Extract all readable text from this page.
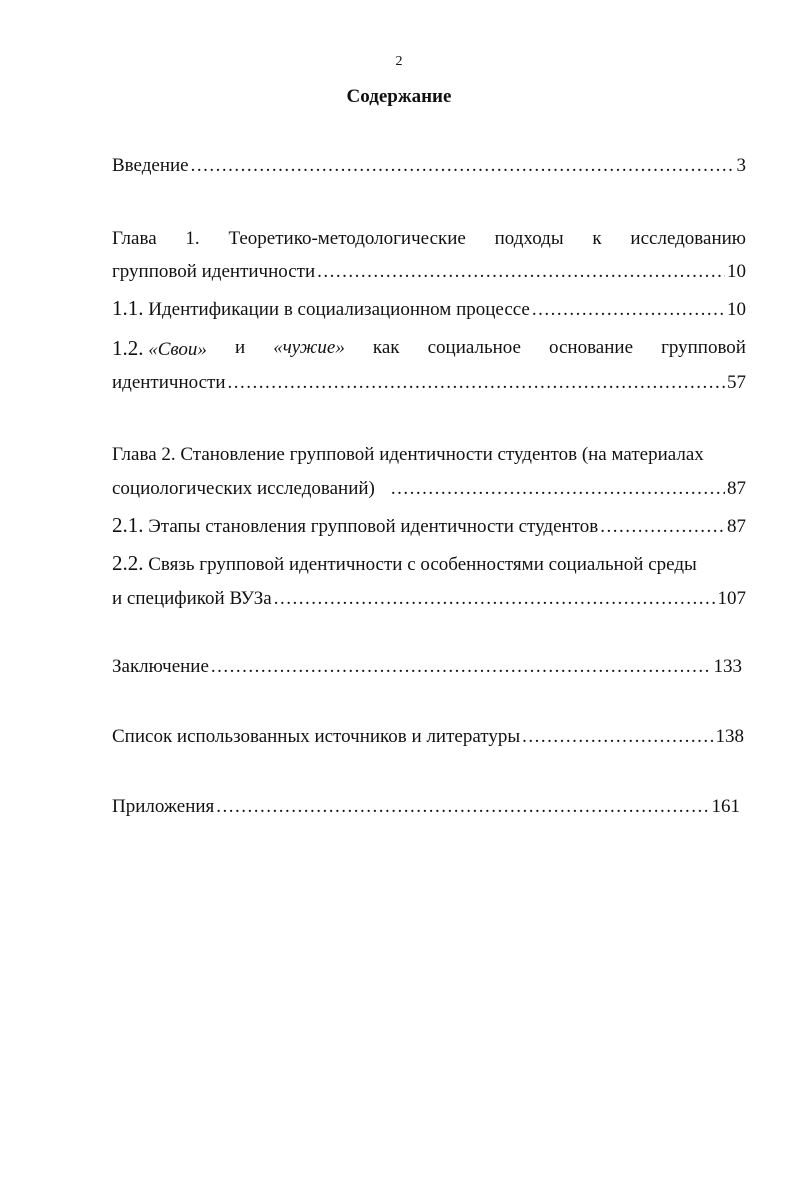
2
Содержание
Введение .....	3
Глава 1. Теоретико-методологические подходы к исследованию
групповой идентичности .....	10
1.1.
Идентификации в социализационном процессе .....	10
1.2. «Свои» и «чужие» как социальное основание групповой
идентичности .....	57
Глава 2. Становление групповой идентичности студентов (на материалах
социологических исследований) .....	87
2.1.
Этапы становления групповой идентичности студентов .....	87
2.2. Связь групповой идентичности с особенностями социальной среды
и спецификой ВУЗа .....	107
Заключение .....	133
Список использованных источников и литературы .....	138
Приложения .....	161
